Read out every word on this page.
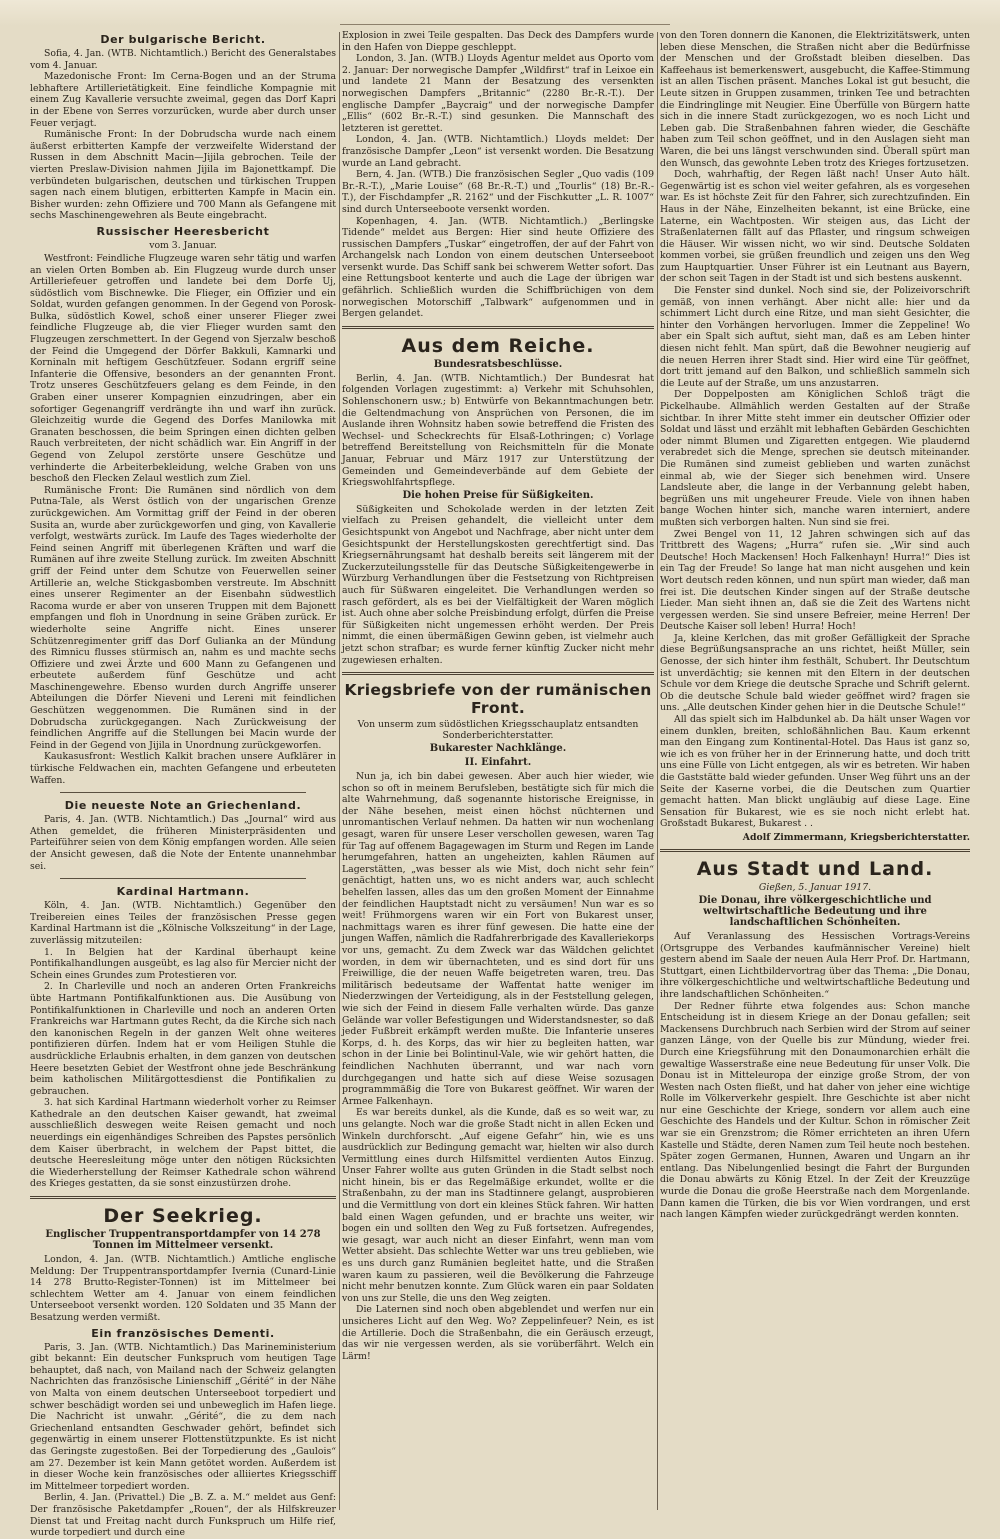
Der bulgarische Bericht.

Sofia, 4. Jan. (WTB. Nichtamtlich.) Bericht des Generalstabes vom 4. Januar.

Mazedonische Front: Im Cerna-Bogen und an der Struma lebhaftere Artillerietätigkeit. Eine feindliche Kompagnie mit einem Zug Kavallerie versuchte zweimal, gegen das Dorf Kapri in der Ebene von Serres vorzurücken, wurde aber durch unser Feuer verjagt.

Rumänische Front: In der Dobrudscha wurde nach einem äußerst erbitterten Kampfe der verzweifelte Widerstand der Russen in dem Abschnitt Macin—Jijila gebrochen. Teile der vierten Preslaw-Division nahmen Jijila im Bajonettkampf. Die verbündeten bulgarischen, deutschen und türkischen Truppen sagen nach einem blutigen, erbitterten Kampfe in Macin ein. Bisher wurden: zehn Offiziere und 700 Mann als Gefangene mit sechs Maschinengewehren als Beute eingebracht.

Russischer Heeresbericht
vom 3. Januar.

Westfront: Feindliche Flugzeuge waren sehr tätig und warfen an vielen Orten Bomben ab. Ein Flugzeug wurde durch unser Artilleriefeuer getroffen und landete bei dem Dorfe Uj, südöstlich vom Bischnewke. Die Flieger, ein Offizier und ein Soldat, wurden gefangen genommen. In der Gegend von Porosk-Bulka, südöstlich Kowel, schoß einer unserer Flieger zwei feindliche Flugzeuge ab, die vier Flieger wurden samt den Flugzeugen zerschmettert. In der Gegend von Sjerzalw beschoß der Feind die Umgegend der Dörfer Bakkuli, Kamnarki und Korninaln mit heftigem Geschützfeuer. Sodann ergriff seine Infanterie die Offensive, besonders an der genannten Front. Trotz unseres Geschützfeuers gelang es dem Feinde, in den Graben einer unserer Kompagnien einzudringen, aber ein sofortiger Gegenangriff verdrängte ihn und warf ihn zurück. Gleichzeitig wurde die Gegend des Dorfes Manilowka mit Granaten beschossen, die beim Springen einen dichten gelben Rauch verbreiteten, der nicht schädlich war. Ein Angriff in der Gegend von Zelupol zerstörte unsere Geschütze und verhinderte die Arbeiterbekleidung, welche Graben von uns beschoß den Flecken Zelaul westlich zum Ziel.

Rumänische Front: Die Rumänen sind nördlich von dem Putna-Tale, als Werst östlich von der ungarischen Grenze zurückgewichen. Am Vormittag griff der Feind in der oberen Susita an, wurde aber zurückgeworfen und ging, von Kavallerie verfolgt, westwärts zurück. Im Laufe des Tages wiederholte der Feind seinen Angriff mit überlegenen Kräften und warf die Rumänen auf ihre zweite Stellung zurück. Im zweiten Abschnitt griff der Feind unter dem Schutze von Feuerwellen seiner Artillerie an, welche Stickgasbomben verstreute. Im Abschnitt eines unserer Regimenter an der Eisenbahn südwestlich Racoma wurde er aber von unseren Truppen mit dem Bajonett empfangen und floh in Unordnung in seine Gräben zurück. Er wiederholte seine Angriffe nicht. Eines unserer Schützenregimenter griff das Dorf Gulianka an der Mündung des Rimnicu flusses stürmisch an, nahm es und machte sechs Offiziere und zwei Ärzte und 600 Mann zu Gefangenen und erbeutete außerdem fünf Geschütze und acht Maschinengewehre. Ebenso wurden durch Angriffe unserer Abteilungen die Dörfer Nieveni und Lereni mit feindlichen Geschützen weggenommen. Die Rumänen sind in der Dobrudscha zurückgegangen. Nach Zurückweisung der feindlichen Angriffe auf die Stellungen bei Macin wurde der Feind in der Gegend von Jijila in Unordnung zurückgeworfen.

Kaukasusfront: Westlich Kalkit brachen unsere Aufklärer in türkische Feldwachen ein, machten Gefangene und erbeuteten Waffen.

Die neueste Note an Griechenland.

Paris, 4. Jan. (WTB. Nichtamtlich.) Das „Journal“ wird aus Athen gemeldet, die früheren Ministerpräsidenten und Parteiführer seien von dem König empfangen worden. Alle seien der Ansicht gewesen, daß die Note der Entente unannehmbar sei.

Kardinal Hartmann.

Köln, 4. Jan. (WTB. Nichtamtlich.) Gegenüber den Treibereien eines Teiles der französischen Presse gegen Kardinal Hartmann ist die „Kölnische Volkszeitung“ in der Lage, zuverlässig mitzuteilen:

1. In Belgien hat der Kardinal überhaupt keine Pontifikalhandlungen ausgeübt, es lag also für Mercier nicht der Schein eines Grundes zum Protestieren vor.

2. In Charleville und noch an anderen Orten Frankreichs übte Hartmann Pontifikalfunktionen aus. Die Ausübung von Pontifikalfunktionen in Charleville und noch an anderen Orten Frankreichs war Hartmann gutes Recht, da die Kirche sich nach den kanonischen Regeln in der ganzen Welt ohne weiteres pontifizieren dürfen. Indem hat er vom Heiligen Stuhle die ausdrückliche Erlaubnis erhalten, in dem ganzen von deutschen Heere besetzten Gebiet der Westfront ohne jede Beschränkung beim katholischen Militärgottesdienst die Pontifikalien zu gebrauchen.

3. hat sich Kardinal Hartmann wiederholt vorher zu Reimser Kathedrale an den deutschen Kaiser gewandt, hat zweimal ausschließlich deswegen weite Reisen gemacht und noch neuerdings ein eigenhändiges Schreiben des Papstes persönlich dem Kaiser überbracht, in welchem der Papst bittet, die deutsche Heeresleitung möge unter den nötigen Rücksichten die Wiederherstellung der Reimser Kathedrale schon während des Krieges gestatten, da sie sonst einzustürzen drohe.

Der Seekrieg.
Englischer Truppentransportdampfer von 14 278 Tonnen im Mittelmeer versenkt.

London, 4. Jan. (WTB. Nichtamtlich.) Amtliche englische Meldung: Der Truppentransportdampfer Ivernia (Cunard-Linie 14 278 Brutto-Register-Tonnen) ist im Mittelmeer bei schlechtem Wetter am 4. Januar von einem feindlichen Unterseeboot versenkt worden. 120 Soldaten und 35 Mann der Besatzung werden vermißt.

Ein französisches Dementi.

Paris, 3. Jan. (WTB. Nichtamtlich.) Das Marineministerium gibt bekannt: Ein deutscher Funkspruch vom heutigen Tage behauptet, daß nach, von Mailand nach der Schweiz gelangten Nachrichten das französische Linienschiff „Gérité“ in der Nähe von Malta von einem deutschen Unterseeboot torpediert und schwer beschädigt worden sei und unbeweglich im Hafen liege. Die Nachricht ist unwahr. „Gérité“, die zu dem nach Griechenland entsandten Geschwader gehört, befindet sich gegenwärtig in einem unserer Flottenstützpunkte. Es ist nicht das Geringste zugestoßen. Bei der Torpedierung des „Gaulois“ am 27. Dezember ist kein Mann getötet worden. Außerdem ist in dieser Woche kein französisches oder alliiertes Kriegsschiff im Mittelmeer torpediert worden.

Berlin, 4. Jan. (Privattel.) Die „B. Z. a. M.“ meldet aus Genf: Der französische Paketdampfer „Rouen“, der als Hilfskreuzer Dienst tat und Freitag nacht durch Funkspruch um Hilfe rief, wurde torpediert und durch eine

Explosion in zwei Teile gespalten. Das Deck des Dampfers wurde in den Hafen von Dieppe geschleppt.

London, 3. Jan. (WTB.) Lloyds Agentur meldet aus Oporto vom 2. Januar: Der norwegische Dampfer „Wildfirst“ traf in Leixoe ein und landete 21 Mann der Besatzung des versenkten norwegischen Dampfers „Britannic“ (2280 Br.-R.-T.). Der englische Dampfer „Baycraig“ und der norwegische Dampfer „Ellis“ (602 Br.-R.-T.) sind gesunken. Die Mannschaft des letzteren ist gerettet.

London, 4. Jan. (WTB. Nichtamtlich.) Lloyds meldet: Der französische Dampfer „Leon“ ist versenkt worden. Die Besatzung wurde an Land gebracht.

Bern, 4. Jan. (WTB.) Die französischen Segler „Quo vadis (109 Br.-R.-T.), „Marie Louise“ (68 Br.-R.-T.) und „Tourlis“ (18) Br.-R.-T.), der Fischdampfer „R. 2162“ und der Fischkutter „L. R. 1007“ sind durch Unterseeboote versenkt worden.

Kopenhagen, 4. Jan. (WTB. Nichtamtlich.) „Berlingske Tidende“ meldet aus Bergen: Hier sind heute Offiziere des russischen Dampfers „Tuskar“ eingetroffen, der auf der Fahrt von Archangelsk nach London von einem deutschen Unterseeboot versenkt wurde. Das Schiff sank bei schwerem Wetter sofort. Das eine Rettungsboot kenterte und auch die Lage der übrigen war gefährlich. Schließlich wurden die Schiffbrüchigen von dem norwegischen Motorschiff „Talbwark“ aufgenommen und in Bergen gelandet.

Aus dem Reiche.
Bundesratsbeschlüsse.

Berlin, 4. Jan. (WTB. Nichtamtlich.) Der Bundesrat hat folgenden Vorlagen zugestimmt: a) Verkehr mit Schuhsohlen, Sohlenschonern usw.; b) Entwürfe von Bekanntmachungen betr. die Geltendmachung von Ansprüchen von Personen, die im Auslande ihren Wohnsitz haben sowie betreffend die Fristen des Wechsel- und Scheckrechts für Elsaß-Lothringen; c) Vorlage betreffend Bereitstellung von Reichsmitteln für die Monate Januar, Februar und März 1917 zur Unterstützung der Gemeinden und Gemeindeverbände auf dem Gebiete der Kriegswohlfahrtspflege.

Die hohen Preise für Süßigkeiten.

Süßigkeiten und Schokolade werden in der letzten Zeit vielfach zu Preisen gehandelt, die vielleicht unter dem Gesichtspunkt von Angebot und Nachfrage, aber nicht unter dem Gesichtspunkt der Herstellungskosten gerechtfertigt sind. Das Kriegsernährungsamt hat deshalb bereits seit längerem mit der Zuckerzuteilungsstelle für das Deutsche Süßigkeitengewerbe in Würzburg Verhandlungen über die Festsetzung von Richtpreisen auch für Süßwaren eingeleitet. Die Verhandlungen werden so rasch gefördert, als es bei der Vielfältigkeit der Waren möglich ist. Auch ohne aber solche Preisbindung erfolgt, dürfen die Preise für Süßigkeiten nicht ungemessen erhöht werden. Der Preis nimmt, die einen übermäßigen Gewinn geben, ist vielmehr auch jetzt schon strafbar; es wurde ferner künftig Zucker nicht mehr zugewiesen erhalten.

Kriegsbriefe von der rumänischen Front.
Von unserm zum südöstlichen Kriegsschauplatz entsandten Sonderberichterstatter.
Bukarester Nachklänge.
II. Einfahrt.

Nun ja, ich bin dabei gewesen. Aber auch hier wieder, wie schon so oft in meinem Berufsleben, bestätigte sich für mich die alte Wahrnehmung, daß sogenannte historische Ereignisse, in der Nähe besehen, meist einen höchst nüchternen und unromantischen Verlauf nehmen. Da hatten wir nun wochenlang gesagt, waren für unsere Leser verschollen gewesen, waren Tag für Tag auf offenem Bagagewagen im Sturm und Regen im Lande herumgefahren, hatten an ungeheizten, kahlen Räumen auf Lagerstätten, „was besser als wie Mist, doch nicht sehr fein“ genächtigt, hatten uns, wo es nicht anders war, auch schlecht behelfen lassen, alles das um den großen Moment der Einnahme der feindlichen Hauptstadt nicht zu versäumen! Nun war es so weit! Frühmorgens waren wir ein Fort von Bukarest unser, nachmittags waren es ihrer fünf gewesen. Die hatte eine der jungen Waffen, nämlich die Radfahrerbrigade des Kavalleriekorps vor uns, gemacht. Zu dem Zweck war das Wäldchen gelichtet worden, in dem wir übernachteten, und es sind dort für uns Freiwillige, die der neuen Waffe beigetreten waren, treu. Das militärisch bedeutsame der Waffentat hatte weniger im Niederzwingen der Verteidigung, als in der Feststellung gelegen, wie sich der Feind in diesem Falle verhalten würde. Das ganze Gelände war voller Befestigungen und Widerstandsnester, so daß jeder Fußbreit erkämpft werden mußte. Die Infanterie unseres Korps, d. h. des Korps, das wir hier zu begleiten hatten, war schon in der Linie bei Bolintinul-Vale, wie wir gehört hatten, die feindlichen Nachhuten überrannt, und war nach vorn durchgegangen und hatte sich auf diese Weise sozusagen programmmäßig die Tore von Bukarest geöffnet. Wir waren der Armee Falkenhayn.

Es war bereits dunkel, als die Kunde, daß es so weit war, zu uns gelangte. Noch war die große Stadt nicht in allen Ecken und Winkeln durchforscht. „Auf eigene Gefahr“ hin, wie es uns ausdrücklich zur Bedingung gemacht war, hielten wir also durch Vermittlung eines durch Hilfsmittel verdienten Autos Einzug. Unser Fahrer wollte aus guten Gründen in die Stadt selbst noch nicht hinein, bis er das Regelmäßige erkundet, wollte er die Straßenbahn, zu der man ins Stadtinnere gelangt, ausprobieren und die Vermittlung von dort ein kleines Stück fahren. Wir hatten bald einen Wagen gefunden, und er brachte uns weiter, wir bogen ein und sollten den Weg zu Fuß fortsetzen. Aufregendes, wie gesagt, war auch nicht an dieser Einfahrt, wenn man vom Wetter absieht. Das schlechte Wetter war uns treu geblieben, wie es uns durch ganz Rumänien begleitet hatte, und die Straßen waren kaum zu passieren, weil die Bevölkerung die Fahrzeuge nicht mehr benutzen konnte. Zum Glück waren ein paar Soldaten von uns zur Stelle, die uns den Weg zeigten.

Die Laternen sind noch oben abgeblendet und werfen nur ein unsicheres Licht auf den Weg. Wo? Zeppelinfeuer? Nein, es ist die Artillerie. Doch die Straßenbahn, die ein Geräusch erzeugt, das wir nie vergessen werden, als sie vorüberfährt. Welch ein Lärm!

von den Toren donnern die Kanonen, die Elektrizitätswerk, unten leben diese Menschen, die Straßen nicht aber die Bedürfnisse der Menschen und der Großstadt bleiben dieselben. Das Kaffeehaus ist bemerkenswert, ausgebucht, die Kaffee-Stimmung ist an allen Tischen präsent. Manches Lokal ist gut besucht, die Leute sitzen in Gruppen zusammen, trinken Tee und betrachten die Eindringlinge mit Neugier. Eine Überfülle von Bürgern hatte sich in die innere Stadt zurückgezogen, wo es noch Licht und Leben gab. Die Straßenbahnen fahren wieder, die Geschäfte haben zum Teil schon geöffnet, und in den Auslagen sieht man Waren, die bei uns längst verschwunden sind. Überall spürt man den Wunsch, das gewohnte Leben trotz des Krieges fortzusetzen.

Doch, wahrhaftig, der Regen läßt nach! Unser Auto hält. Gegenwärtig ist es schon viel weiter gefahren, als es vorgesehen war. Es ist höchste Zeit für den Fahrer, sich zurechtzufinden. Ein Haus in der Nähe, Einzelheiten bekannt, ist eine Brücke, eine Laterne, ein Wachtposten. Wir steigen aus, das Licht der Straßenlaternen fällt auf das Pflaster, und ringsum schweigen die Häuser. Wir wissen nicht, wo wir sind. Deutsche Soldaten kommen vorbei, sie grüßen freundlich und zeigen uns den Weg zum Hauptquartier. Unser Führer ist ein Leutnant aus Bayern, der schon seit Tagen in der Stadt ist und sich bestens auskennt.

Die Fenster sind dunkel. Noch sind sie, der Polizeivorschrift gemäß, von innen verhängt. Aber nicht alle: hier und da schimmert Licht durch eine Ritze, und man sieht Gesichter, die hinter den Vorhängen hervorlugen. Immer die Zeppeline! Wo aber ein Spalt sich auftut, sieht man, daß es am Leben hinter diesen nicht fehlt. Man spürt, daß die Bewohner neugierig auf die neuen Herren ihrer Stadt sind. Hier wird eine Tür geöffnet, dort tritt jemand auf den Balkon, und schließlich sammeln sich die Leute auf der Straße, um uns anzustarren.

Der Doppelposten am Königlichen Schloß trägt die Pickelhaube. Allmählich werden Gestalten auf der Straße sichtbar. In ihrer Mitte steht immer ein deutscher Offizier oder Soldat und lässt und erzählt mit lebhaften Gebärden Geschichten oder nimmt Blumen und Zigaretten entgegen. Wie plaudernd verabredet sich die Menge, sprechen sie deutsch miteinander. Die Rumänen sind zumeist geblieben und warten zunächst einmal ab, wie der Sieger sich benehmen wird. Unsere Landsleute aber, die lange in der Verbannung gelebt haben, begrüßen uns mit ungeheurer Freude. Viele von ihnen haben bange Wochen hinter sich, manche waren interniert, andere mußten sich verborgen halten. Nun sind sie frei.

Zwei Bengel von 11, 12 Jahren schwingen sich auf das Trittbrett des Wagens; „Hurra“ rufen sie. „Wir sind auch Deutsche! Hoch Mackensen! Hoch Falkenhayn! Hurra!“ Dies ist ein Tag der Freude! So lange hat man nicht ausgehen und kein Wort deutsch reden können, und nun spürt man wieder, daß man frei ist. Die deutschen Kinder singen auf der Straße deutsche Lieder. Man sieht ihnen an, daß sie die Zeit des Wartens nicht vergessen werden. Sie sind unsere Befreier, meine Herren! Der Deutsche Kaiser soll leben! Hurra! Hoch!

Ja, kleine Kerlchen, das mit großer Gefälligkeit der Sprache diese Begrüßungsansprache an uns richtet, heißt Müller, sein Genosse, der sich hinter ihm festhält, Schubert. Ihr Deutschtum ist unverdächtig; sie kennen mit den Eltern in der deutschen Schule vor dem Kriege die deutsche Sprache und Schrift gelernt. Ob die deutsche Schule bald wieder geöffnet wird? fragen sie uns. „Alle deutschen Kinder gehen hier in die Deutsche Schule!“

All das spielt sich im Halbdunkel ab. Da hält unser Wagen vor einem dunklen, breiten, schloßähnlichen Bau. Kaum erkennt man den Eingang zum Kontinental-Hotel. Das Haus ist ganz so, wie ich es von früher her in der Erinnerung hatte, und doch tritt uns eine Fülle von Licht entgegen, als wir es betreten. Wir haben die Gaststätte bald wieder gefunden. Unser Weg führt uns an der Seite der Kaserne vorbei, die die Deutschen zum Quartier gemacht hatten. Man blickt ungläubig auf diese Lage. Eine Sensation für Bukarest, wie es sie noch nicht erlebt hat. Großstadt Bukarest, Bukarest . .

Adolf Zimmermann, Kriegsberichterstatter.
Aus Stadt und Land.
Gießen, 5. Januar 1917.
Die Donau, ihre völkergeschichtliche und weltwirtschaftliche Bedeutung und ihre landschaftlichen Schönheiten.

Auf Veranlassung des Hessischen Vortrags-Vereins (Ortsgruppe des Verbandes kaufmännischer Vereine) hielt gestern abend im Saale der neuen Aula Herr Prof. Dr. Hartmann, Stuttgart, einen Lichtbildervortrag über das Thema: „Die Donau, ihre völkergeschichtliche und weltwirtschaftliche Bedeutung und ihre landschaftlichen Schönheiten.“

Der Redner führte etwa folgendes aus: Schon manche Entscheidung ist in diesem Kriege an der Donau gefallen; seit Mackensens Durchbruch nach Serbien wird der Strom auf seiner ganzen Länge, von der Quelle bis zur Mündung, wieder frei. Durch eine Kriegsführung mit den Donaumonarchien erhält die gewaltige Wasserstraße eine neue Bedeutung für unser Volk. Die Donau ist in Mitteleuropa der einzige große Strom, der von Westen nach Osten fließt, und hat daher von jeher eine wichtige Rolle im Völkerverkehr gespielt. Ihre Geschichte ist aber nicht nur eine Geschichte der Kriege, sondern vor allem auch eine Geschichte des Handels und der Kultur. Schon in römischer Zeit war sie ein Grenzstrom; die Römer errichteten an ihren Ufern Kastelle und Städte, deren Namen zum Teil heute noch bestehen. Später zogen Germanen, Hunnen, Awaren und Ungarn an ihr entlang. Das Nibelungenlied besingt die Fahrt der Burgunden die Donau abwärts zu König Etzel. In der Zeit der Kreuzzüge wurde die Donau die große Heerstraße nach dem Morgenlande. Dann kamen die Türken, die bis vor Wien vordrangen, und erst nach langen Kämpfen wieder zurückgedrängt werden konnten.
